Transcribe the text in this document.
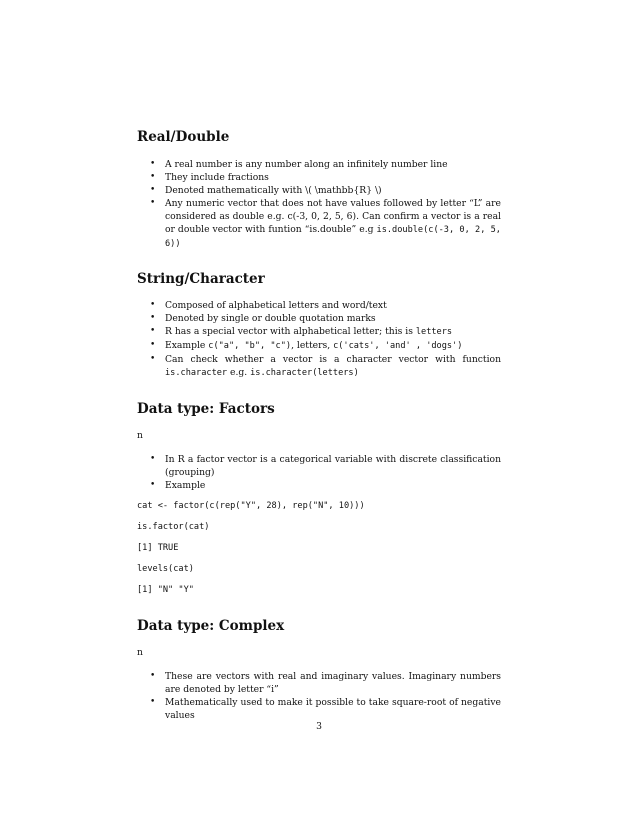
Real/Double
• A real number is any number along an infinitely number line
• They include fractions
• Denoted mathematically with \( \mathbb{R} \)
• Any numeric vector that does not have values followed by letter “L” are considered as double e.g. c(-3, 0, 2, 5, 6). Can confirm a vector is a real or double vector with funtion “is.double” e.g is.double(c(-3, 0, 2, 5, 6))
String/Character
• Composed of alphabetical letters and word/text
• Denoted by single or double quotation marks
• R has a special vector with alphabetical letter; this is letters
• Example c("a", "b", "c"), letters, c('cats', 'and' , 'dogs')
• Can check whether a vector is a character vector with function is.character e.g. is.character(letters)
Data type: Factors

n

• In R a factor vector is a categorical variable with discrete classification (grouping)
• Example
cat <- factor(c(rep("Y", 28), rep("N", 10)))
is.factor(cat)
[1] TRUE
levels(cat)
[1] "N" "Y"
Data type: Complex

n

• These are vectors with real and imaginary values. Imaginary numbers are denoted by letter “i”
• Mathematically used to make it possible to take square-root of negative values
3
